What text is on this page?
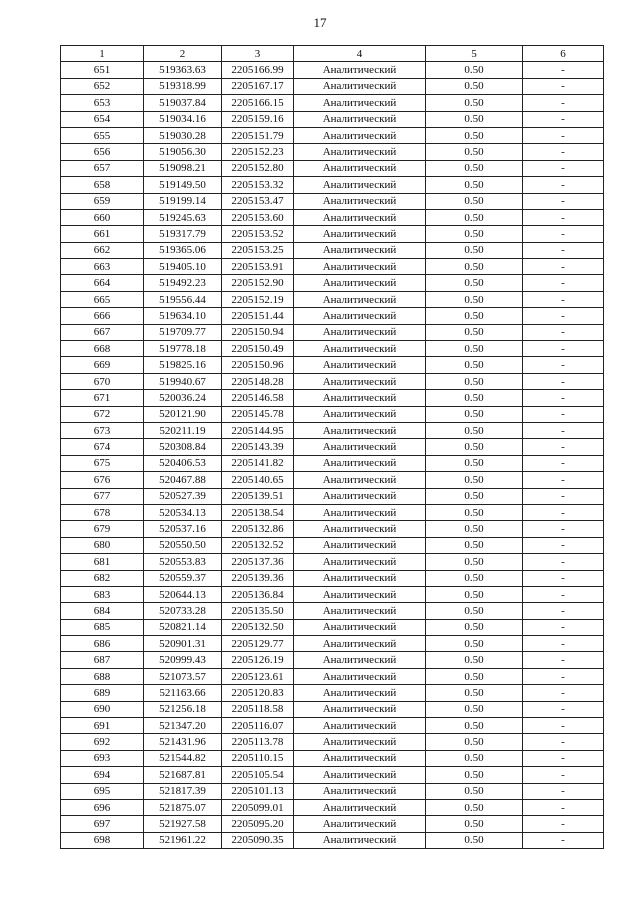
17
1	2	3	4	5	6
651	519363.63	2205166.99	Аналитический	0.50	-
652	519318.99	2205167.17	Аналитический	0.50	-
653	519037.84	2205166.15	Аналитический	0.50	-
654	519034.16	2205159.16	Аналитический	0.50	-
655	519030.28	2205151.79	Аналитический	0.50	-
656	519056.30	2205152.23	Аналитический	0.50	-
657	519098.21	2205152.80	Аналитический	0.50	-
658	519149.50	2205153.32	Аналитический	0.50	-
659	519199.14	2205153.47	Аналитический	0.50	-
660	519245.63	2205153.60	Аналитический	0.50	-
661	519317.79	2205153.52	Аналитический	0.50	-
662	519365.06	2205153.25	Аналитический	0.50	-
663	519405.10	2205153.91	Аналитический	0.50	-
664	519492.23	2205152.90	Аналитический	0.50	-
665	519556.44	2205152.19	Аналитический	0.50	-
666	519634.10	2205151.44	Аналитический	0.50	-
667	519709.77	2205150.94	Аналитический	0.50	-
668	519778.18	2205150.49	Аналитический	0.50	-
669	519825.16	2205150.96	Аналитический	0.50	-
670	519940.67	2205148.28	Аналитический	0.50	-
671	520036.24	2205146.58	Аналитический	0.50	-
672	520121.90	2205145.78	Аналитический	0.50	-
673	520211.19	2205144.95	Аналитический	0.50	-
674	520308.84	2205143.39	Аналитический	0.50	-
675	520406.53	2205141.82	Аналитический	0.50	-
676	520467.88	2205140.65	Аналитический	0.50	-
677	520527.39	2205139.51	Аналитический	0.50	-
678	520534.13	2205138.54	Аналитический	0.50	-
679	520537.16	2205132.86	Аналитический	0.50	-
680	520550.50	2205132.52	Аналитический	0.50	-
681	520553.83	2205137.36	Аналитический	0.50	-
682	520559.37	2205139.36	Аналитический	0.50	-
683	520644.13	2205136.84	Аналитический	0.50	-
684	520733.28	2205135.50	Аналитический	0.50	-
685	520821.14	2205132.50	Аналитический	0.50	-
686	520901.31	2205129.77	Аналитический	0.50	-
687	520999.43	2205126.19	Аналитический	0.50	-
688	521073.57	2205123.61	Аналитический	0.50	-
689	521163.66	2205120.83	Аналитический	0.50	-
690	521256.18	2205118.58	Аналитический	0.50	-
691	521347.20	2205116.07	Аналитический	0.50	-
692	521431.96	2205113.78	Аналитический	0.50	-
693	521544.82	2205110.15	Аналитический	0.50	-
694	521687.81	2205105.54	Аналитический	0.50	-
695	521817.39	2205101.13	Аналитический	0.50	-
696	521875.07	2205099.01	Аналитический	0.50	-
697	521927.58	2205095.20	Аналитический	0.50	-
698	521961.22	2205090.35	Аналитический	0.50	-
